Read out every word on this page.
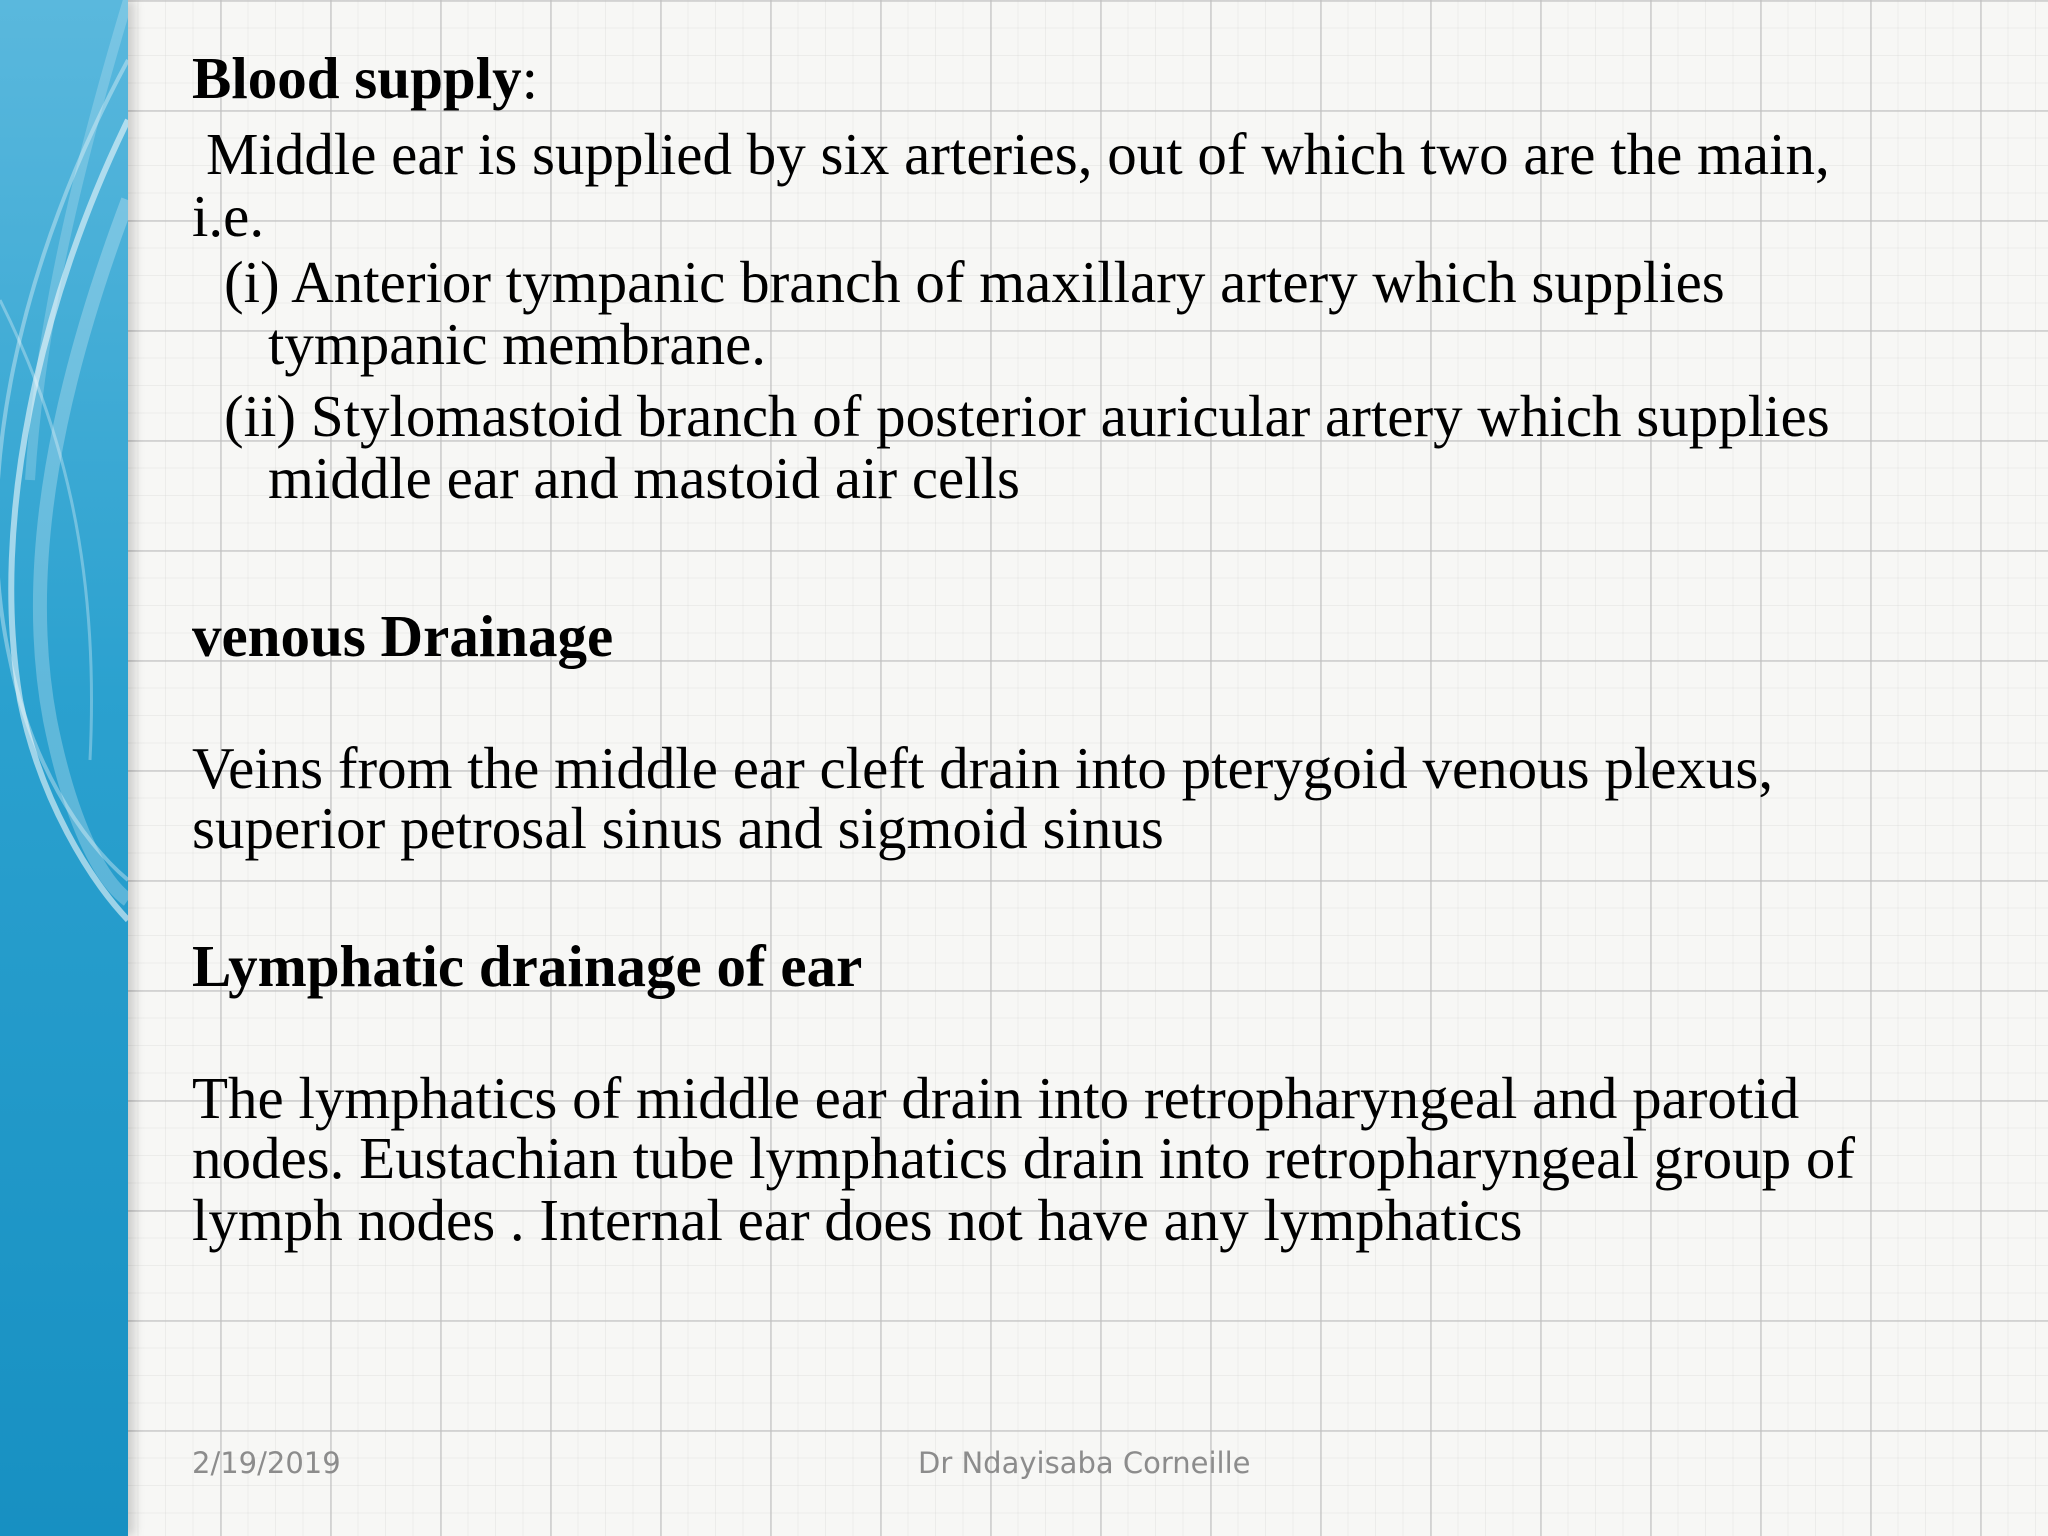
Blood supply:
Middle ear is supplied by six arteries, out of which two are the main,
i.e.
(i) Anterior tympanic branch of maxillary artery which supplies
tympanic membrane.
(ii) Stylomastoid branch of posterior auricular artery which supplies
middle ear and mastoid air cells
venous Drainage
Veins from the middle ear cleft drain into pterygoid venous plexus,
superior petrosal sinus and sigmoid sinus
Lymphatic drainage of ear
The lymphatics of middle ear drain into retropharyngeal and parotid
nodes. Eustachian tube lymphatics drain into retropharyngeal group of
lymph nodes . Internal ear does not have any lymphatics
2/19/2019	Dr Ndayisaba Corneille
